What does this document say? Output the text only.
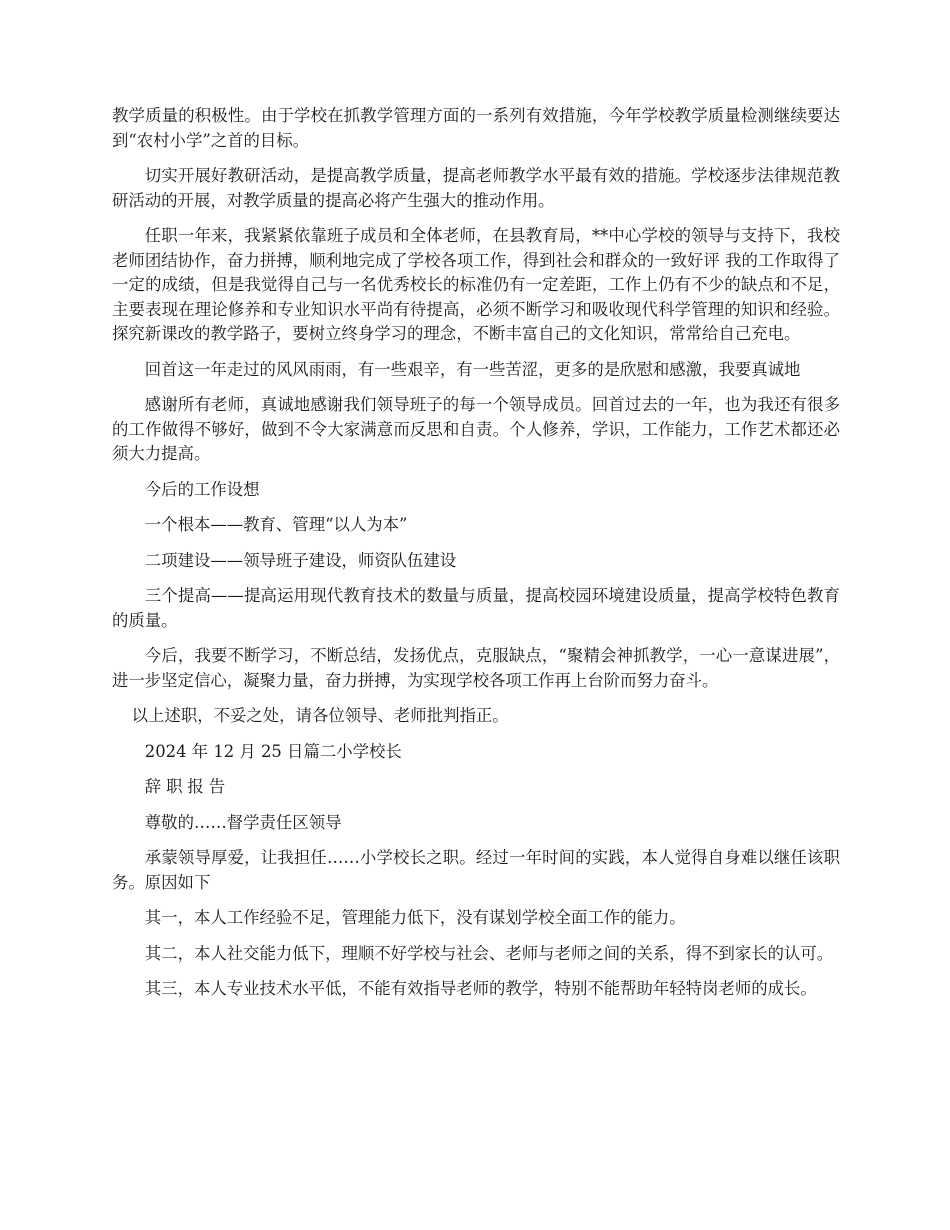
教学质量的积极性。由于学校在抓教学管理方面的一系列有效措施，今年学校教学质量检测继续要达到“农村小学”之首的目标。

切实开展好教研活动，是提高教学质量，提高老师教学水平最有效的措施。学校逐步法律规范教研活动的开展，对教学质量的提高必将产生强大的推动作用。

任职一年来，我紧紧依靠班子成员和全体老师，在县教育局，**中心学校的领导与支持下，我校老师团结协作，奋力拼搏，顺利地完成了学校各项工作，得到社会和群众的一致好评 我的工作取得了一定的成绩，但是我觉得自己与一名优秀校长的标准仍有一定差距，工作上仍有不少的缺点和不足，主要表现在理论修养和专业知识水平尚有待提高，必须不断学习和吸收现代科学管理的知识和经验。探究新课改的教学路子，要树立终身学习的理念，不断丰富自己的文化知识，常常给自己充电。

回首这一年走过的风风雨雨，有一些艰辛，有一些苦涩，更多的是欣慰和感激，我要真诚地

感谢所有老师，真诚地感谢我们领导班子的每一个领导成员。回首过去的一年，也为我还有很多的工作做得不够好，做到不令大家满意而反思和自责。个人修养，学识，工作能力，工作艺术都还必须大力提高。

今后的工作设想

一个根本——教育、管理“以人为本”

二项建设——领导班子建设，师资队伍建设

三个提高——提高运用现代教育技术的数量与质量，提高校园环境建设质量，提高学校特色教育的质量。

今后，我要不断学习，不断总结，发扬优点，克服缺点，“聚精会神抓教学，一心一意谋进展”，进一步坚定信心，凝聚力量，奋力拼搏，为实现学校各项工作再上台阶而努力奋斗。

以上述职，不妥之处，请各位领导、老师批判指正。

2024 年 12 月 25 日篇二小学校长

辞职报告

尊敬的……督学责任区领导

承蒙领导厚爱，让我担任……小学校长之职。经过一年时间的实践，本人觉得自身难以继任该职务。原因如下

其一，本人工作经验不足，管理能力低下，没有谋划学校全面工作的能力。

其二，本人社交能力低下，理顺不好学校与社会、老师与老师之间的关系，得不到家长的认可。

其三，本人专业技术水平低，不能有效指导老师的教学，特别不能帮助年轻特岗老师的成长。
